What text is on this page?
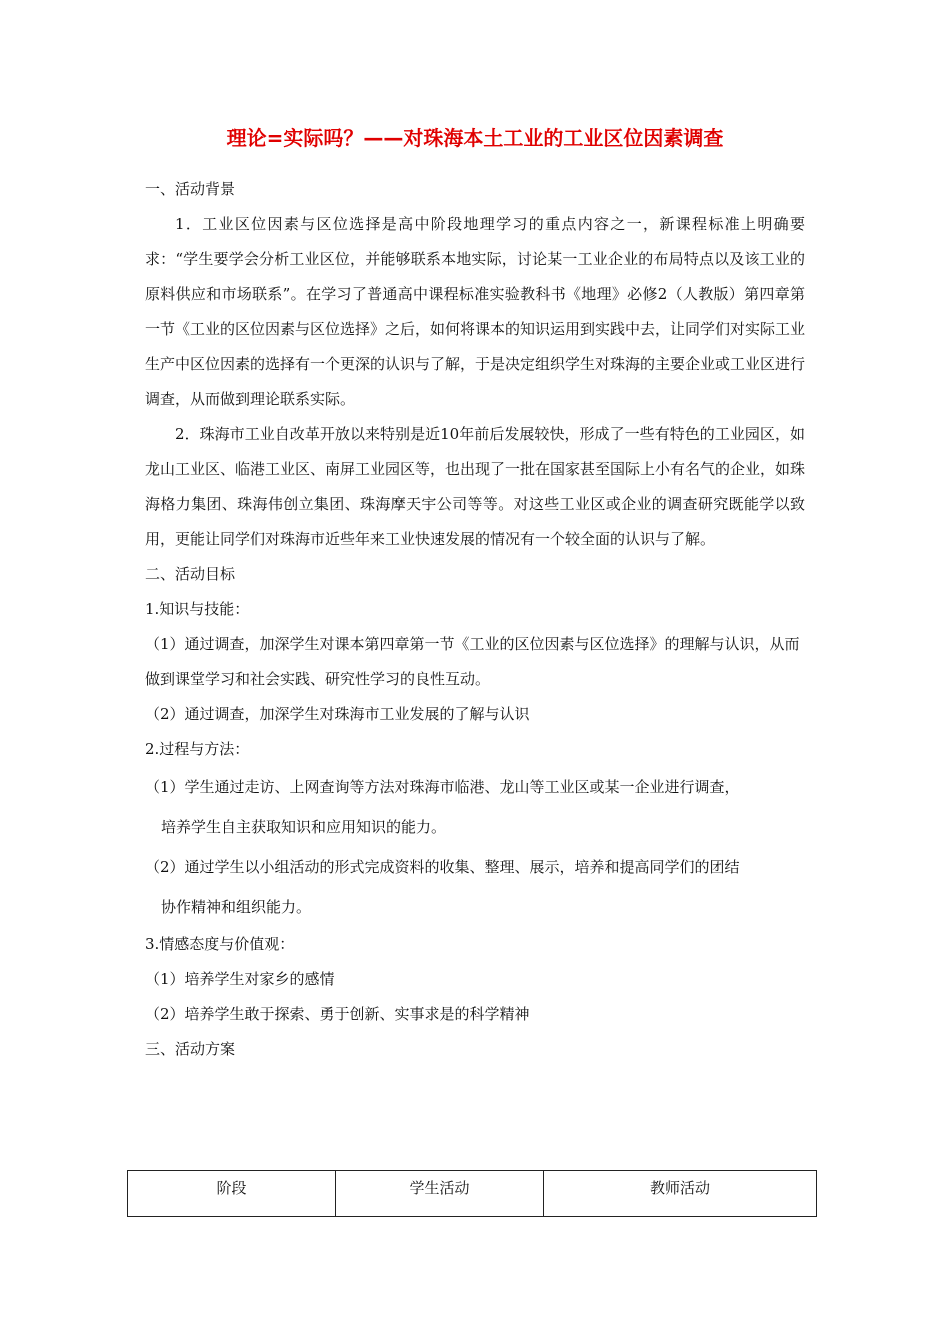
理论=实际吗？——对珠海本土工业的工业区位因素调查
一、活动背景
1．工业区位因素与区位选择是高中阶段地理学习的重点内容之一，新课程标准上明确要求：“学生要学会分析工业区位，并能够联系本地实际，讨论某一工业企业的布局特点以及该工业的原料供应和市场联系”。在学习了普通高中课程标准实验教科书《地理》必修2（人教版）第四章第一节《工业的区位因素与区位选择》之后，如何将课本的知识运用到实践中去，让同学们对实际工业生产中区位因素的选择有一个更深的认识与了解，于是决定组织学生对珠海的主要企业或工业区进行调查，从而做到理论联系实际。
2．珠海市工业自改革开放以来特别是近10年前后发展较快，形成了一些有特色的工业园区，如龙山工业区、临港工业区、南屏工业园区等，也出现了一批在国家甚至国际上小有名气的企业，如珠海格力集团、珠海伟创立集团、珠海摩天宇公司等等。对这些工业区或企业的调查研究既能学以致用，更能让同学们对珠海市近些年来工业快速发展的情况有一个较全面的认识与了解。
二、活动目标
1.知识与技能：
（1）通过调查，加深学生对课本第四章第一节《工业的区位因素与区位选择》的理解与认识，从而做到课堂学习和社会实践、研究性学习的良性互动。
（2）通过调查，加深学生对珠海市工业发展的了解与认识
2.过程与方法：
（1）学生通过走访、上网查询等方法对珠海市临港、龙山等工业区或某一企业进行调查，
培养学生自主获取知识和应用知识的能力。
（2）通过学生以小组活动的形式完成资料的收集、整理、展示，培养和提高同学们的团结
协作精神和组织能力。
3.情感态度与价值观：
（1）培养学生对家乡的感情
（2）培养学生敢于探索、勇于创新、实事求是的科学精神
三、活动方案
阶段	学生活动	教师活动
